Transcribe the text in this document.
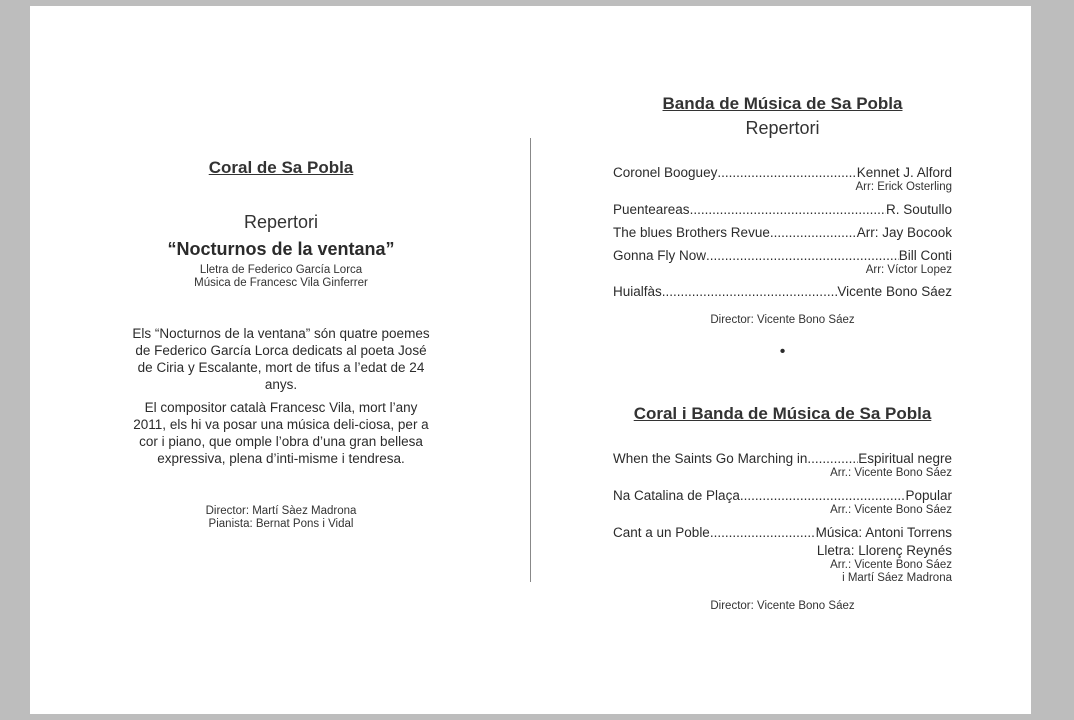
Coral de Sa Pobla
Repertori
“Nocturnos de la ventana”
Lletra de Federico García Lorca
Música de Francesc Vila Ginferrer
Els “Nocturnos de la ventana” són quatre poemes de Federico García Lorca dedicats al poeta José de Ciria y Escalante, mort de tifus a l’edat de 24 anys.
El compositor català Francesc Vila, mort l’any 2011, els hi va posar una música deli-ciosa, per a cor i piano, que omple l’obra d’una gran bellesa expressiva, plena d’inti-misme i tendresa.
Director: Martí Sàez Madrona
Pianista: Bernat Pons i Vidal
Banda de Música de Sa Pobla
Repertori
Coronel Booguey .....	Kennet J. Alford
Arr: Erick Osterling
Puenteareas .....	R. Soutullo
The blues Brothers Revue .....	Arr: Jay Bocook
Gonna Fly Now .....	Bill Conti
Arr: Víctor Lopez
Huialfàs .....	Vicente Bono Sáez
Director: Vicente Bono Sáez
•
Coral i Banda de Música de Sa Pobla
When the Saints Go Marching in .....	Espiritual negre
Arr.: Vicente Bono Sáez
Na Catalina de Plaça .....	Popular
Arr.: Vicente Bono Sáez
Cant a un Poble .....	Música: Antoni Torrens
Lletra: Llorenç Reynés
Arr.: Vicente Bono Sáez
i Martí Sáez Madrona
Director: Vicente Bono Sáez
